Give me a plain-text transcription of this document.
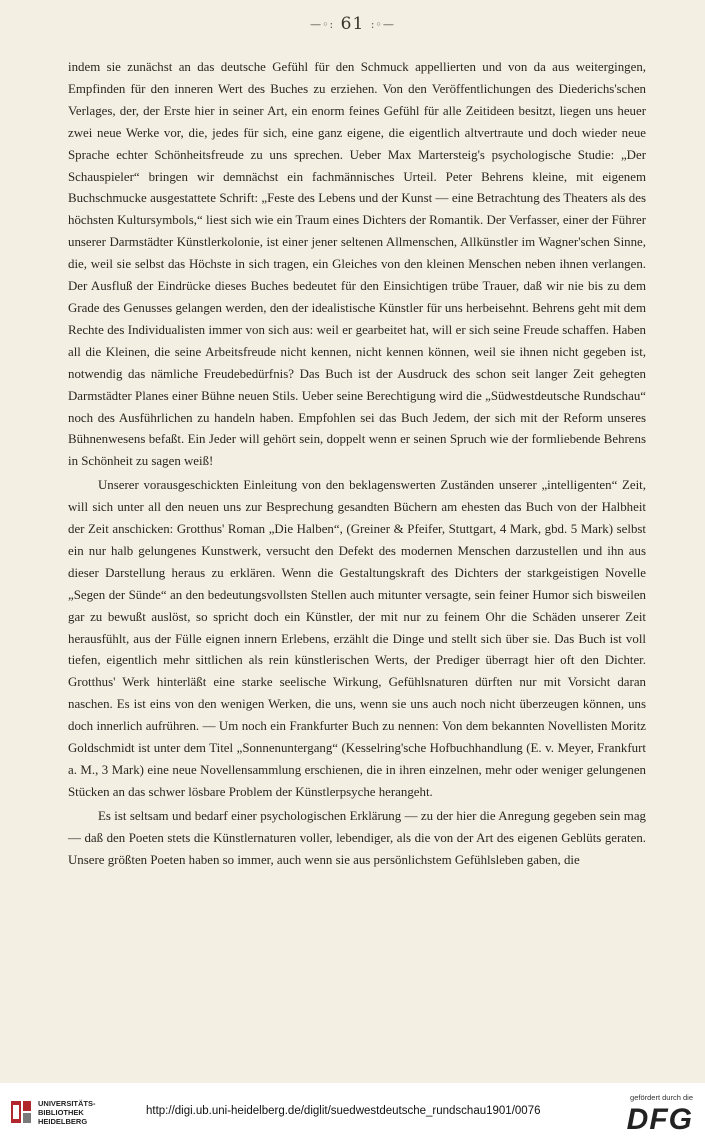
—◦: 61 :◦—

indem sie zunächst an das deutsche Gefühl für den Schmuck appellierten und von da aus weitergingen, Empfinden für den inneren Wert des Buches zu erziehen. Von den Veröffentlichungen des Diederichs'schen Verlages, der, der Erste hier in seiner Art, ein enorm feines Gefühl für alle Zeitideen besitzt, liegen uns heuer zwei neue Werke vor, die, jedes für sich, eine ganz eigene, die eigentlich altvertraute und doch wieder neue Sprache echter Schönheitsfreude zu uns sprechen. Ueber Max Martersteig's psychologische Studie: „Der Schauspieler“ bringen wir demnächst ein fachmännisches Urteil. Peter Behrens kleine, mit eigenem Buchschmucke ausgestattete Schrift: „Feste des Lebens und der Kunst — eine Betrachtung des Theaters als des höchsten Kultursymbols,“ liest sich wie ein Traum eines Dichters der Romantik. Der Verfasser, einer der Führer unserer Darmstädter Künstlerkolonie, ist einer jener seltenen Allmenschen, Allkünstler im Wagner'schen Sinne, die, weil sie selbst das Höchste in sich tragen, ein Gleiches von den kleinen Menschen neben ihnen verlangen. Der Ausfluß der Eindrücke dieses Buches bedeutet für den Einsichtigen trübe Trauer, daß wir nie bis zu dem Grade des Genusses gelangen werden, den der idealistische Künstler für uns herbeisehnt. Behrens geht mit dem Rechte des Individualisten immer von sich aus: weil er gearbeitet hat, will er sich seine Freude schaffen. Haben all die Kleinen, die seine Arbeitsfreude nicht kennen, nicht kennen können, weil sie ihnen nicht gegeben ist, notwendig das nämliche Freudebedürfnis? Das Buch ist der Ausdruck des schon seit langer Zeit gehegten Darmstädter Planes einer Bühne neuen Stils. Ueber seine Berechtigung wird die „Südwestdeutsche Rundschau“ noch des Ausführlichen zu handeln haben. Empfohlen sei das Buch Jedem, der sich mit der Reform unseres Bühnenwesens befaßt. Ein Jeder will gehört sein, doppelt wenn er seinen Spruch wie der formliebende Behrens in Schönheit zu sagen weiß!

Unserer vorausgeschickten Einleitung von den beklagenswerten Zuständen unserer „intelligenten“ Zeit, will sich unter all den neuen uns zur Besprechung gesandten Büchern am ehesten das Buch von der Halbheit der Zeit anschicken: Grotthus' Roman „Die Halben“, (Greiner & Pfeifer, Stuttgart, 4 Mark, gbd. 5 Mark) selbst ein nur halb gelungenes Kunstwerk, versucht den Defekt des modernen Menschen darzustellen und ihn aus dieser Darstellung heraus zu erklären. Wenn die Gestaltungskraft des Dichters der starkgeistigen Novelle „Segen der Sünde“ an den bedeutungsvollsten Stellen auch mitunter versagte, sein feiner Humor sich bisweilen gar zu bewußt auslöst, so spricht doch ein Künstler, der mit nur zu feinem Ohr die Schäden unserer Zeit herausfühlt, aus der Fülle eignen innern Erlebens, erzählt die Dinge und stellt sich über sie. Das Buch ist voll tiefen, eigentlich mehr sittlichen als rein künstlerischen Werts, der Prediger überragt hier oft den Dichter. Grotthus' Werk hinterläßt eine starke seelische Wirkung, Gefühlsnaturen dürften nur mit Vorsicht daran naschen. Es ist eins von den wenigen Werken, die uns, wenn sie uns auch noch nicht überzeugen können, uns doch innerlich aufrühren. — Um noch ein Frankfurter Buch zu nennen: Von dem bekannten Novellisten Moritz Goldschmidt ist unter dem Titel „Sonnenuntergang“ (Kesselring'sche Hofbuchhandlung (E. v. Meyer, Frankfurt a. M., 3 Mark) eine neue Novellensammlung erschienen, die in ihren einzelnen, mehr oder weniger gelungenen Stücken an das schwer lösbare Problem der Künstlerpsyche herangeht.

Es ist seltsam und bedarf einer psychologischen Erklärung — zu der hier die Anregung gegeben sein mag — daß den Poeten stets die Künstlernaturen voller, lebendiger, als die von der Art des eigenen Geblüts geraten. Unsere größten Poeten haben so immer, auch wenn sie aus persönlichstem Gefühlsleben gaben, die

UNIVERSITÄTS-
BIBLIOTHEK
HEIDELBERG
http://digi.ub.uni-heidelberg.de/diglit/suedwestdeutsche_rundschau1901/0076
gefördert durch die
DFG
